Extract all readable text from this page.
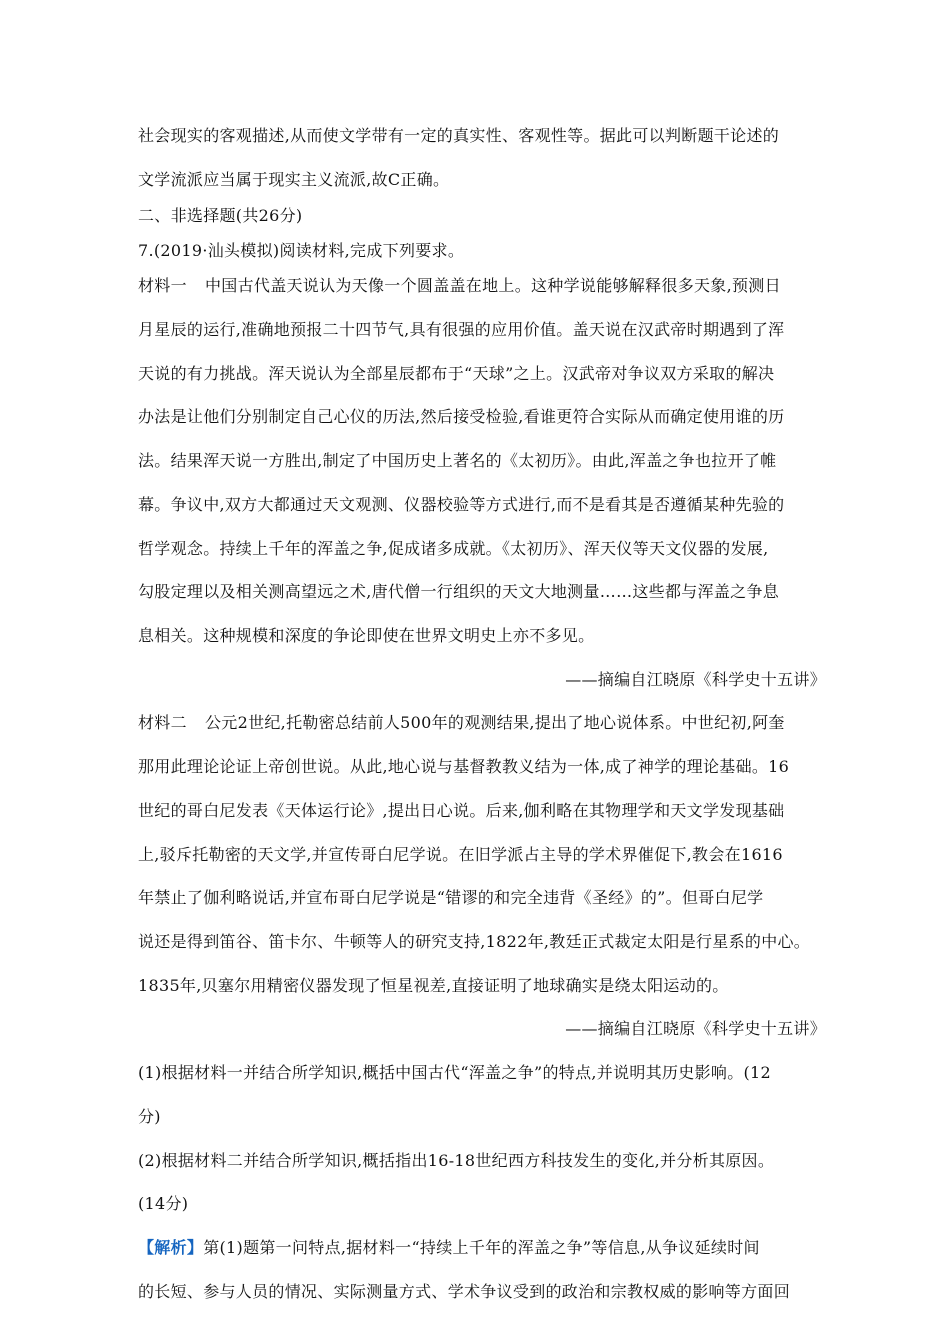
社会现实的客观描述,从而使文学带有一定的真实性、客观性等。据此可以判断题干论述的
文学流派应当属于现实主义流派,故C正确。
二、非选择题(共26分)
7.(2019·汕头模拟)阅读材料,完成下列要求。
材料一 中国古代盖天说认为天像一个圆盖盖在地上。这种学说能够解释很多天象,预测日
月星辰的运行,准确地预报二十四节气,具有很强的应用价值。盖天说在汉武帝时期遇到了浑
天说的有力挑战。浑天说认为全部星辰都布于“天球”之上。汉武帝对争议双方采取的解决
办法是让他们分别制定自己心仪的历法,然后接受检验,看谁更符合实际从而确定使用谁的历
法。结果浑天说一方胜出,制定了中国历史上著名的《太初历》。由此,浑盖之争也拉开了帷
幕。争议中,双方大都通过天文观测、仪器校验等方式进行,而不是看其是否遵循某种先验的
哲学观念。持续上千年的浑盖之争,促成诸多成就。《太初历》、浑天仪等天文仪器的发展,
勾股定理以及相关测高望远之术,唐代僧一行组织的天文大地测量……这些都与浑盖之争息
息相关。这种规模和深度的争论即使在世界文明史上亦不多见。
——摘编自江晓原《科学史十五讲》
材料二 公元2世纪,托勒密总结前人500年的观测结果,提出了地心说体系。中世纪初,阿奎
那用此理论论证上帝创世说。从此,地心说与基督教教义结为一体,成了神学的理论基础。16
世纪的哥白尼发表《天体运行论》,提出日心说。后来,伽利略在其物理学和天文学发现基础
上,驳斥托勒密的天文学,并宣传哥白尼学说。在旧学派占主导的学术界催促下,教会在1616
年禁止了伽利略说话,并宣布哥白尼学说是“错谬的和完全违背《圣经》的”。但哥白尼学
说还是得到笛谷、笛卡尔、牛顿等人的研究支持,1822年,教廷正式裁定太阳是行星系的中心。
1835年,贝塞尔用精密仪器发现了恒星视差,直接证明了地球确实是绕太阳运动的。
——摘编自江晓原《科学史十五讲》
(1)根据材料一并结合所学知识,概括中国古代“浑盖之争”的特点,并说明其历史影响。(12
分)
(2)根据材料二并结合所学知识,概括指出16-18世纪西方科技发生的变化,并分析其原因。
(14分)
【解析】第(1)题第一问特点,据材料一“持续上千年的浑盖之争”等信息,从争议延续时间
的长短、参与人员的情况、实际测量方式、学术争议受到的政治和宗教权威的影响等方面回
